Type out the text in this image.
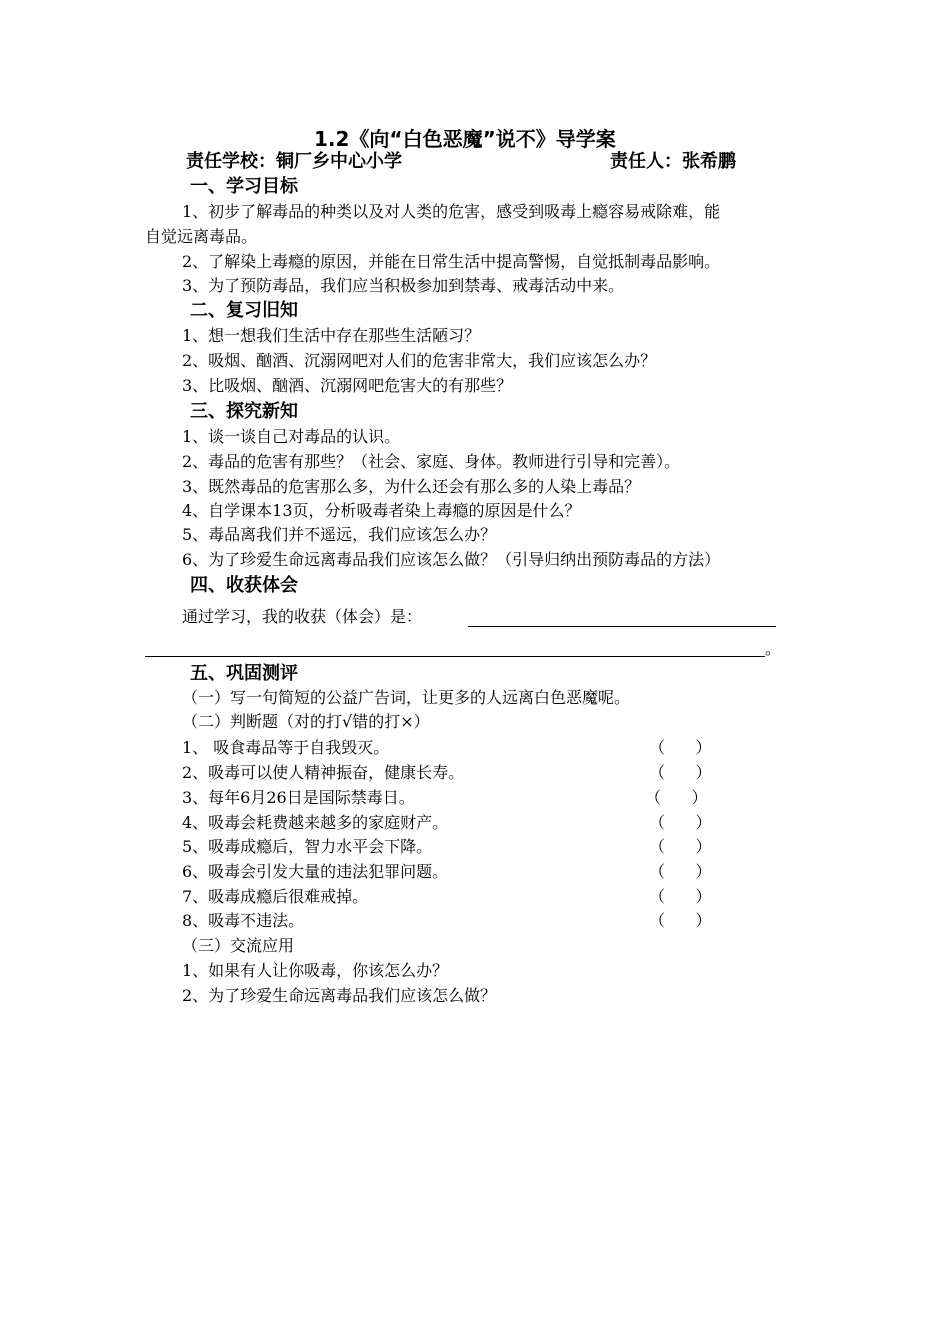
1.2《向“白色恶魔”说不》导学案
责任学校：铜厂乡中心小学	责任人：张希鹏
一、学习目标
1、初步了解毒品的种类以及对人类的危害，感受到吸毒上瘾容易戒除难，能
自觉远离毒品。
2、了解染上毒瘾的原因，并能在日常生活中提高警惕，自觉抵制毒品影响。
3、为了预防毒品，我们应当积极参加到禁毒、戒毒活动中来。
二、复习旧知
1、想一想我们生活中存在那些生活陋习？
2、吸烟、酗酒、沉溺网吧对人们的危害非常大，我们应该怎么办？
3、比吸烟、酗酒、沉溺网吧危害大的有那些？
三、探究新知
1、谈一谈自己对毒品的认识。
2、毒品的危害有那些？（社会、家庭、身体。教师进行引导和完善）。
3、既然毒品的危害那么多，为什么还会有那么多的人染上毒品？
4、自学课本13页，分析吸毒者染上毒瘾的原因是什么？
5、毒品离我们并不遥远，我们应该怎么办？
6、为了珍爱生命远离毒品我们应该怎么做？（引导归纳出预防毒品的方法）
四、收获体会
通过学习，我的收获（体会）是：
。
五、巩固测评
（一）写一句简短的公益广告词，让更多的人远离白色恶魔呢。
（二）判断题（对的打√错的打×）
1、 吸食毒品等于自我毁灭。	（      ）
2、吸毒可以使人精神振奋，健康长寿。	（      ）
3、每年6月26日是国际禁毒日。	（      ）
4、吸毒会耗费越来越多的家庭财产。	（      ）
5、吸毒成瘾后，智力水平会下降。	（      ）
6、吸毒会引发大量的违法犯罪问题。	（      ）
7、吸毒成瘾后很难戒掉。	（      ）
8、吸毒不违法。	（      ）
（三）交流应用
1、如果有人让你吸毒，你该怎么办？
2、为了珍爱生命远离毒品我们应该怎么做？
